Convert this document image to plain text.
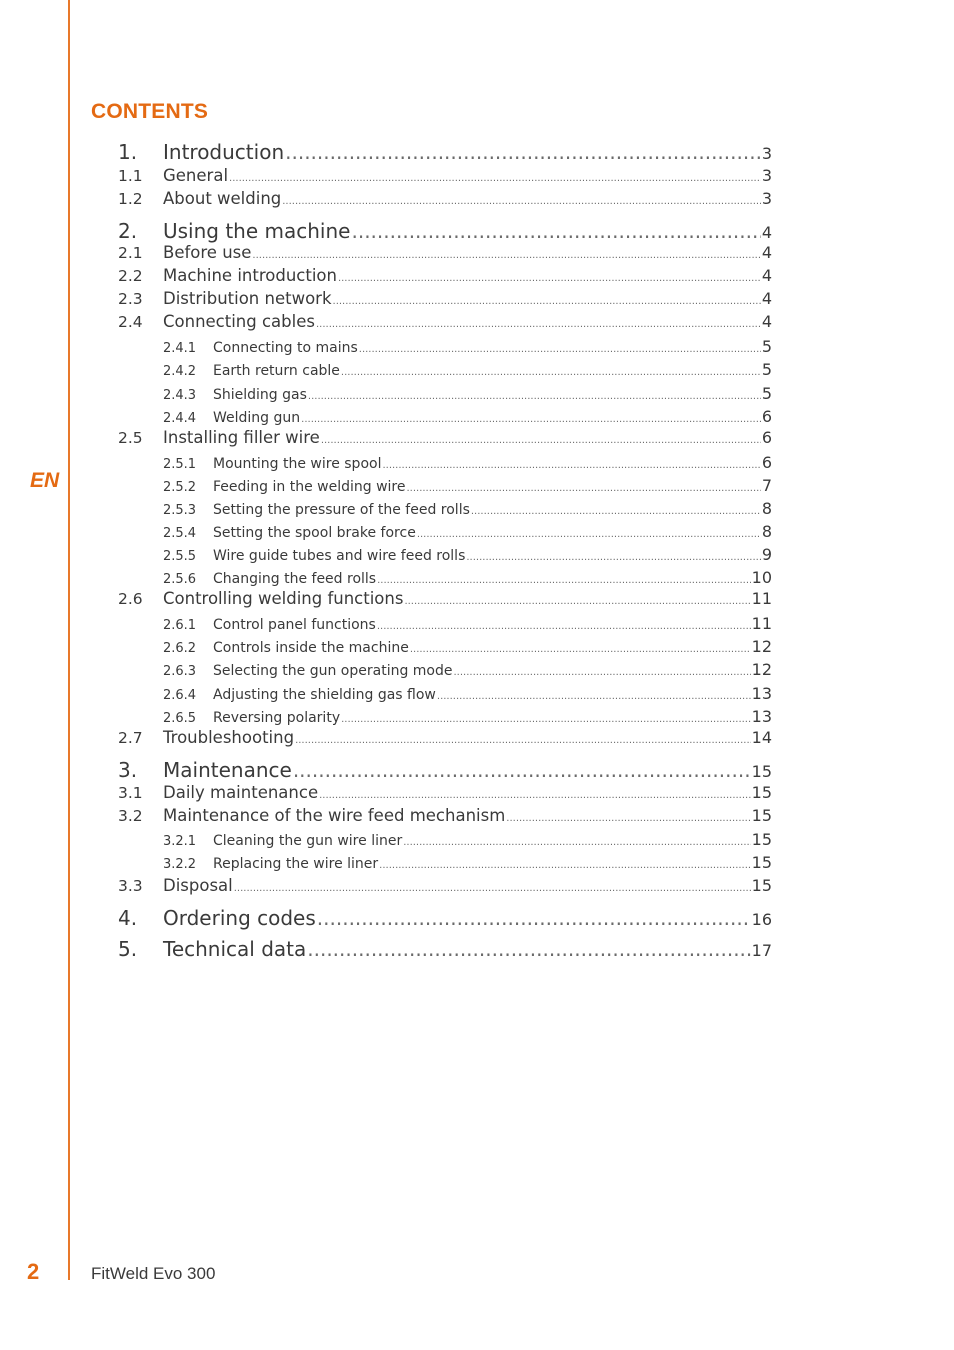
EN
CONTENTS
1.	Introduction .....	3
1.1	General .....	3
1.2	About welding .....	3
2.	Using the machine .....	4
2.1	Before use .....	4
2.2	Machine introduction .....	4
2.3	Distribution network .....	4
2.4	Connecting cables .....	4
2.4.1	Connecting to mains .....	5
2.4.2	Earth return cable .....	5
2.4.3	Shielding gas .....	5
2.4.4	Welding gun .....	6
2.5	Installing filler wire .....	6
2.5.1	Mounting the wire spool .....	6
2.5.2	Feeding in the welding wire .....	7
2.5.3	Setting the pressure of the feed rolls .....	8
2.5.4	Setting the spool brake force .....	8
2.5.5	Wire guide tubes and wire feed rolls .....	9
2.5.6	Changing the feed rolls .....	10
2.6	Controlling welding functions .....	11
2.6.1	Control panel functions .....	11
2.6.2	Controls inside the machine .....	12
2.6.3	Selecting the gun operating mode .....	12
2.6.4	Adjusting the shielding gas flow .....	13
2.6.5	Reversing polarity .....	13
2.7	Troubleshooting .....	14
3.	Maintenance .....	15
3.1	Daily maintenance .....	15
3.2	Maintenance of the wire feed mechanism .....	15
3.2.1	Cleaning the gun wire liner .....	15
3.2.2	Replacing the wire liner .....	15
3.3	Disposal .....	15
4.	Ordering codes .....	16
5.	Technical data .....	17
2	FitWeld Evo 300
